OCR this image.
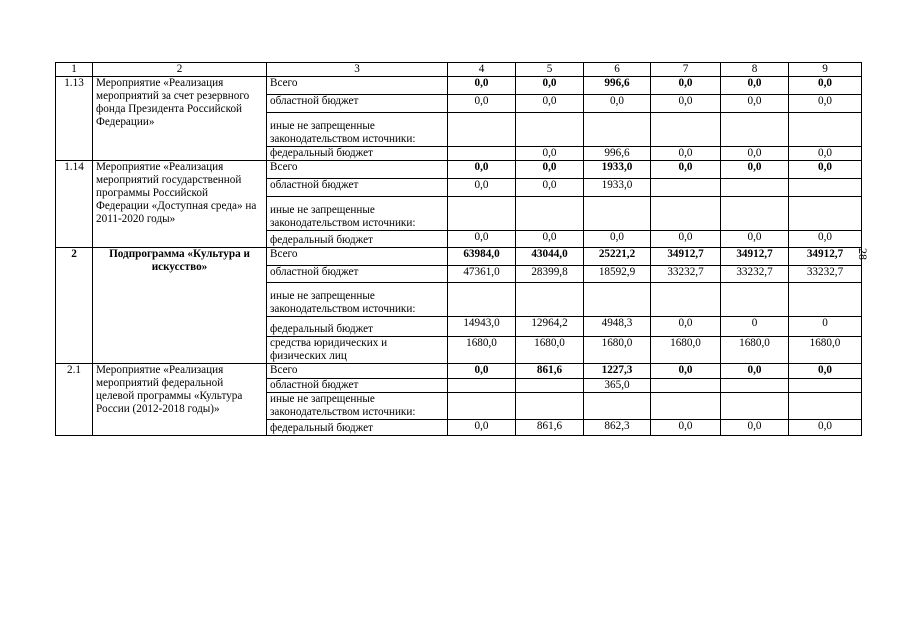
1	2	3	4	5	6	7	8	9
1.13	Мероприятие «Реализация мероприятий за счет резервного фонда Президента Российской Федерации»	Всего	0,0	0,0	996,6	0,0	0,0	0,0
		областной бюджет	0,0	0,0	0,0	0,0	0,0	0,0
		иные не запрещенные законодательством источники:						
		федеральный бюджет		0,0	996,6	0,0	0,0	0,0
1.14	Мероприятие «Реализация мероприятий государственной программы Российской Федерации «Доступная среда» на 2011-2020 годы»	Всего	0,0	0,0	1933,0	0,0	0,0	0,0
		областной бюджет	0,0	0,0	1933,0			
		иные не запрещенные законодательством источники:						
		федеральный бюджет	0,0	0,0	0,0	0,0	0,0	0,0
2	Подпрограмма «Культура и искусство»	Всего	63984,0	43044,0	25221,2	34912,7	34912,7	34912,7
		областной бюджет	47361,0	28399,8	18592,9	33232,7	33232,7	33232,7
		иные не запрещенные законодательством источники:						
		федеральный бюджет	14943,0	12964,2	4948,3	0,0	0	0
		средства юридических и физических лиц	1680,0	1680,0	1680,0	1680,0	1680,0	1680,0
2.1	Мероприятие «Реализация мероприятий федеральной целевой программы «Культура России (2012-2018 годы)»	Всего	0,0	861,6	1227,3	0,0	0,0	0,0
		областной бюджет			365,0			
		иные не запрещенные законодательством источники:						
		федеральный бюджет	0,0	861,6	862,3	0,0	0,0	0,0
28
